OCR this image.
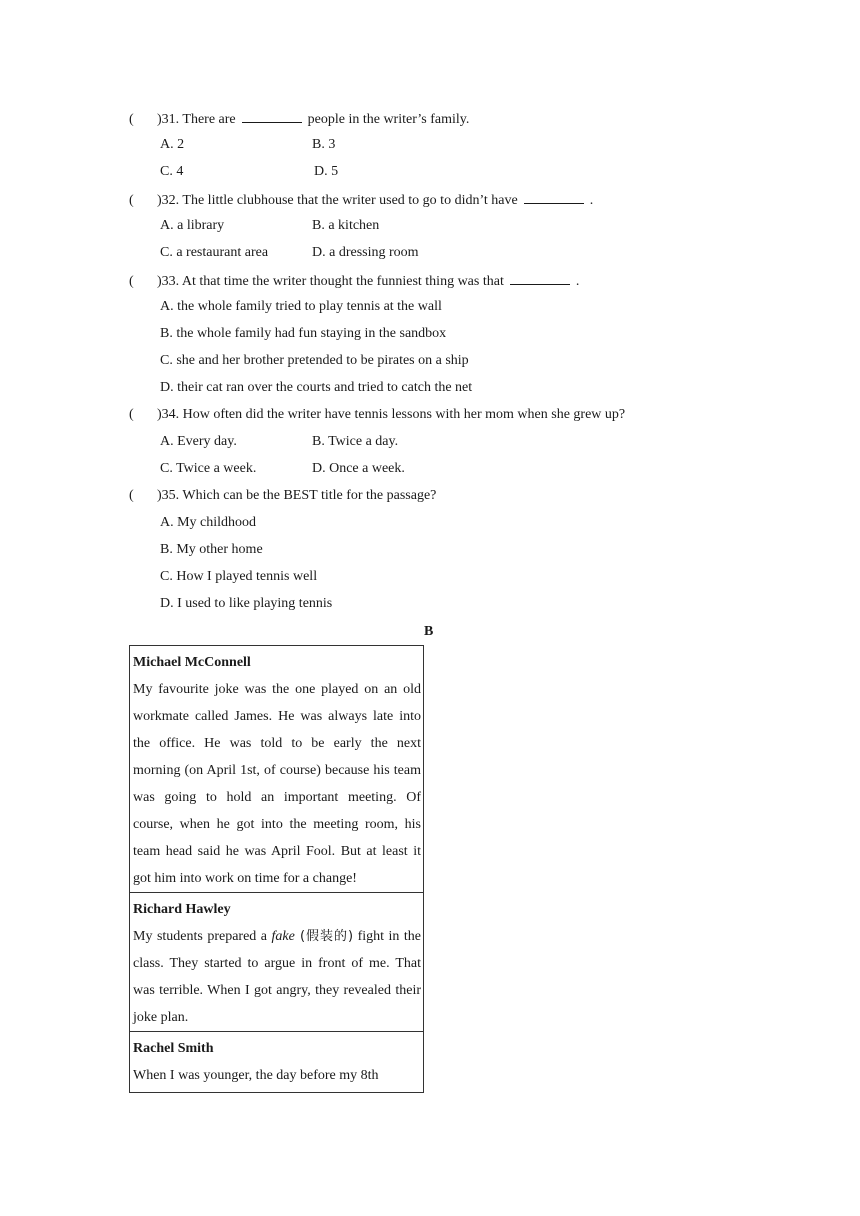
( )31. There are	people in the writer’s family.
A. 2	B. 3
C. 4	D. 5
( )32. The little clubhouse that the writer used to go to didn’t have	.
A. a library	B. a kitchen
C. a restaurant area	D. a dressing room
( )33. At that time the writer thought the funniest thing was that	.
A. the whole family tried to play tennis at the wall
B. the whole family had fun staying in the sandbox
C. she and her brother pretended to be pirates on a ship
D. their cat ran over the courts and tried to catch the net
( )34. How often did the writer have tennis lessons with her mom when she grew up?
A. Every day.	B. Twice a day.
C. Twice a week.	D. Once a week.
( )35. Which can be the BEST title for the passage?
A. My childhood
B. My other home
C. How I played tennis well
D. I used to like playing tennis
B
Michael McConnell
My favourite joke was the one played on an old workmate called James. He was always late into the office. He was told to be early the next morning (on April 1st, of course) because his team was going to hold an important meeting. Of course, when he got into the meeting room, his team head said he was April Fool. But at least it got him into work on time for a change!
Richard Hawley
My students prepared a fake (假装的) fight in the class. They started to argue in front of me. That was terrible. When I got angry, they revealed their joke plan.
Rachel Smith
When I was younger, the day before my 8th
